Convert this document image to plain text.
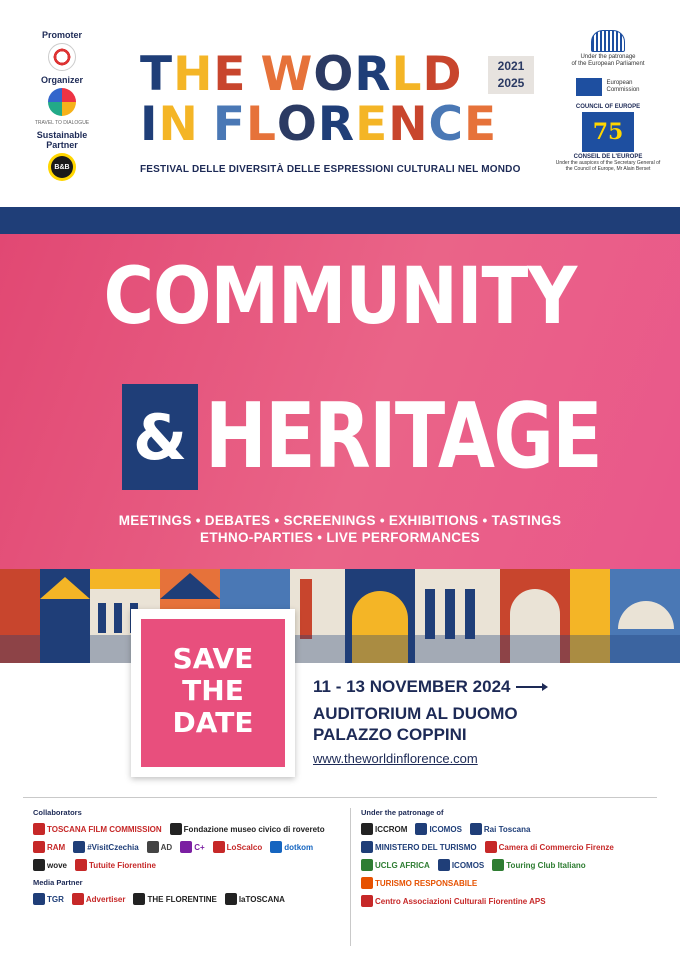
Promoter
Organizer
TRAVEL TO DIALOGUE
Sustainable
Partner
B&B
THE WORLD
IN FLORENCE
2021
2025
FESTIVAL DELLE DIVERSITÀ DELLE ESPRESSIONI CULTURALI NEL MONDO
Under the patronage
of the European Parliament
European
Commission
COUNCIL OF EUROPE
75
CONSEIL DE L'EUROPE
Under the auspices of the Secretary General of the Council of Europe, Mr Alain Berset
COMMUNITY
& HERITAGE
MEETINGS • DEBATES • SCREENINGS • EXHIBITIONS • TASTINGS
ETHNO-PARTIES • LIVE PERFORMANCES
SAVE
THE
DATE
11 - 13 NOVEMBER 2024
AUDITORIUM AL DUOMO
PALAZZO COPPINI
www.theworldinflorence.com
Collaborators
TOSCANA FILM COMMISSION	Fondazione museo civico di rovereto
RAM	#VisitCzechia	AD	C+	LoScalco	dotkom
wove	Tutuite Fiorentine
Media Partner
TGR	Advertiser	THE FLORENTINE	laTOSCANA
Under the patronage of
ICCROM	ICOMOS	Rai Toscana
MINISTERO DEL TURISMO	Camera di Commercio Firenze
UCLG AFRICA	ICOMOS	Touring Club Italiano
TURISMO RESPONSABILE
Centro Associazioni Culturali Fiorentine APS
